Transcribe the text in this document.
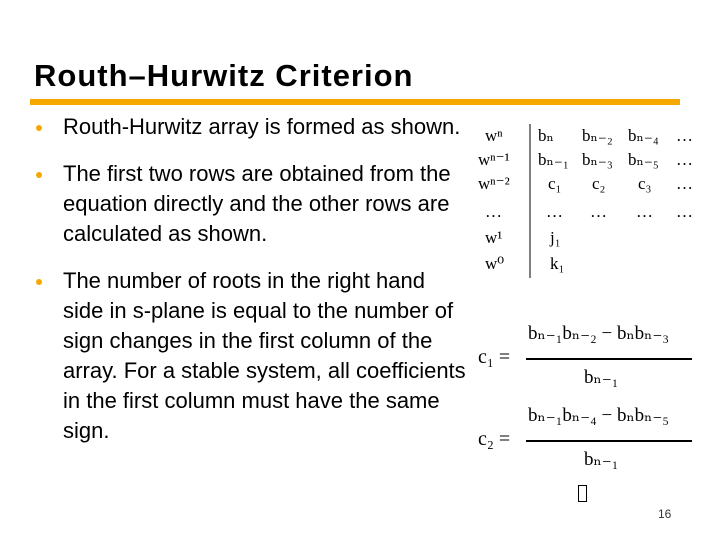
Routh–Hurwitz Criterion
Routh-Hurwitz array is formed as shown.
The first two rows are obtained from the equation directly and the other rows are calculated as shown.
The number of roots in the right hand side in s-plane is equal to the number of sign changes in the first column of the array. For a stable system, all coefficients in the first column must have the same sign.
wⁿ
wⁿ⁻¹
wⁿ⁻²
…
w¹
w⁰
bₙ bₙ₋₂ bₙ₋₄ …
bₙ₋₁ bₙ₋₃ bₙ₋₅ …
c₁ c₂ c₃ …
… … … …
j₁
k₁
c₁ =
bₙ₋₁bₙ₋₂ − bₙbₙ₋₃
bₙ₋₁
c₂ =
bₙ₋₁bₙ₋₄ − bₙbₙ₋₅
bₙ₋₁
16
